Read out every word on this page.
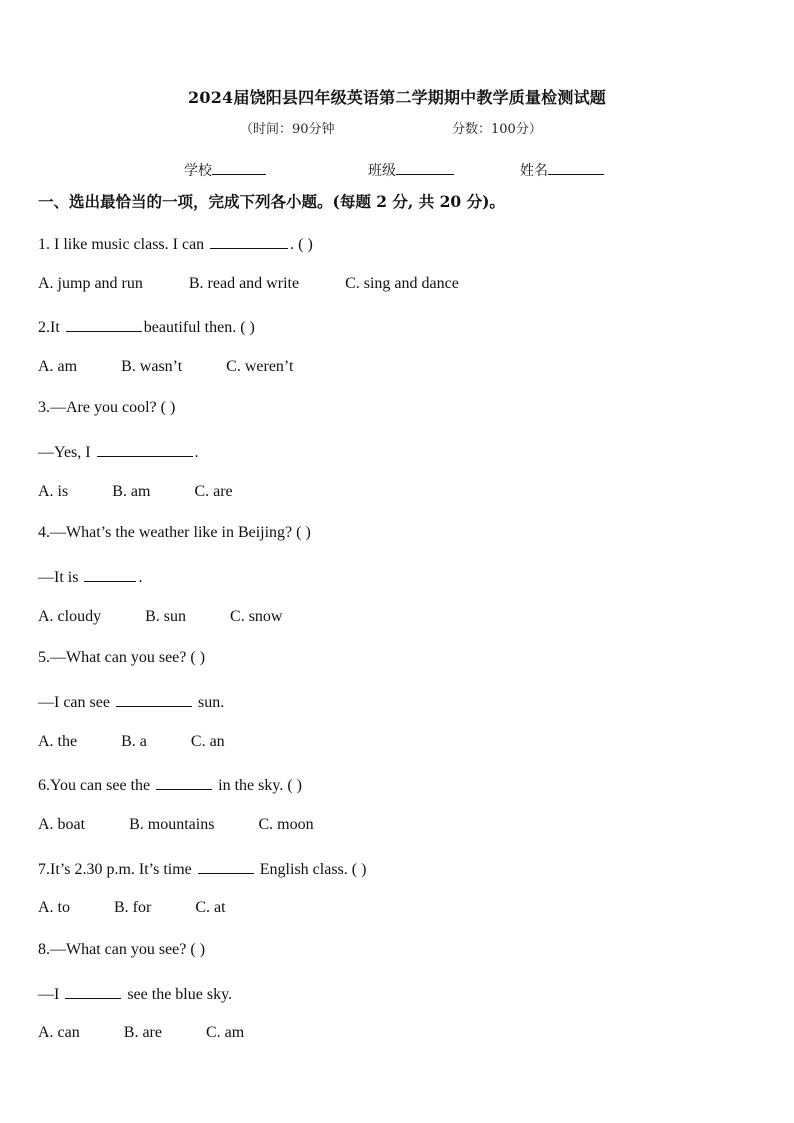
2024届饶阳县四年级英语第二学期期中教学质量检测试题
（时间：90分钟	分数：100分）
学校	班级	姓名
一、选出最恰当的一项，完成下列各小题。(每题 2 分, 共 20 分)。
1. I like music class. I can	. ( )
A. jump and run	B. read and write	C. sing and dance
2.It	beautiful then. ( )
A. am	B. wasn’t	C. weren’t
3.—Are you cool? ( )
—Yes, I	.
A. is	B. am	C. are
4.—What’s the weather like in Beijing? ( )
—It is	.
A. cloudy	B. sun	C. snow
5.—What can you see? ( )
—I can see	sun.
A. the	B. a	C. an
6.You can see the	in the sky. ( )
A. boat	B. mountains	C. moon
7.It’s 2.30 p.m. It’s time	English class. ( )
A. to	B. for	C. at
8.—What can you see? ( )
—I	see the blue sky.
A. can	B. are	C. am
